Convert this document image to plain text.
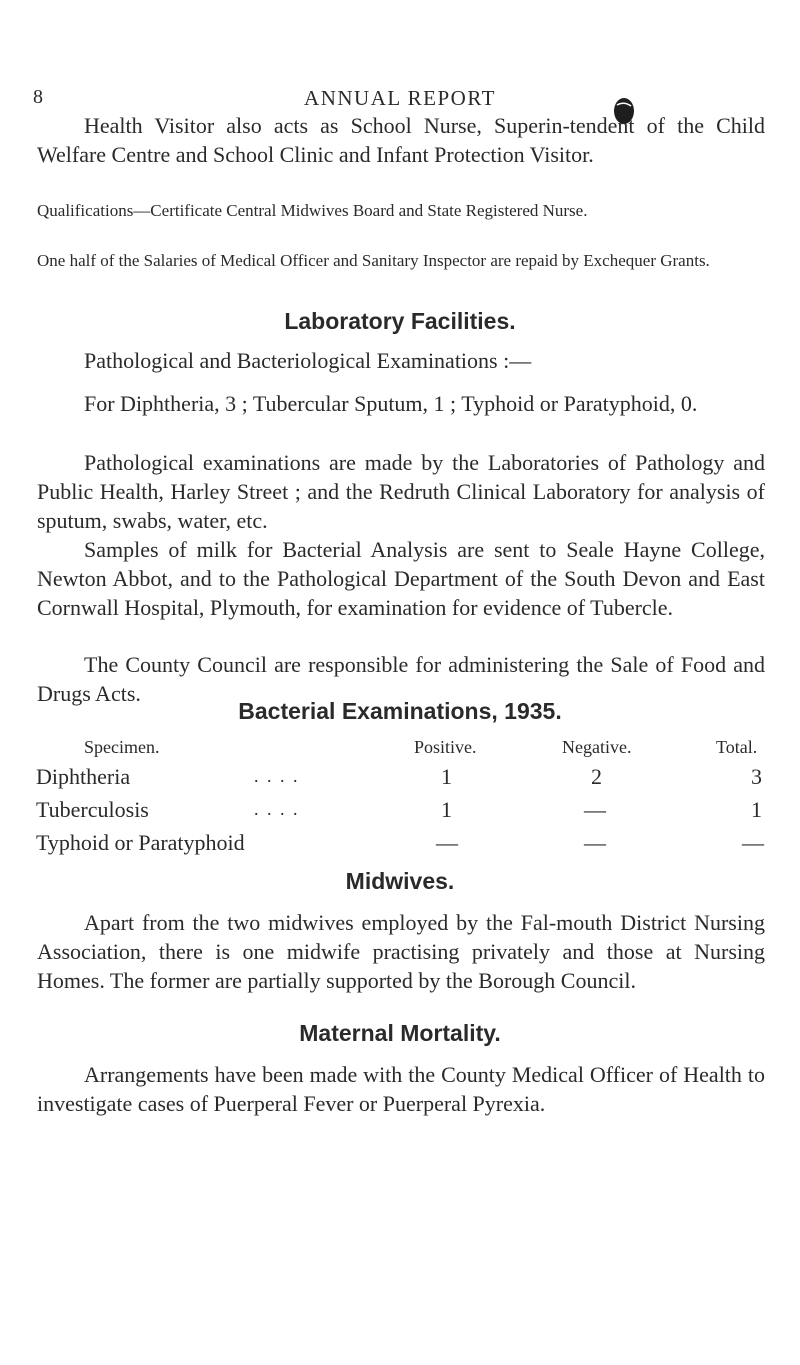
8	ANNUAL REPORT
Health Visitor also acts as School Nurse, Superin-tendent of the Child Welfare Centre and School Clinic and Infant Protection Visitor.
Qualifications—Certificate Central Midwives Board and State Registered Nurse.
One half of the Salaries of Medical Officer and Sanitary Inspector are repaid by Exchequer Grants.
Laboratory Facilities.
Pathological and Bacteriological Examinations :—
For Diphtheria, 3 ; Tubercular Sputum, 1 ; Typhoid or Paratyphoid, 0.
Pathological examinations are made by the Laboratories of Pathology and Public Health, Harley Street ; and the Redruth Clinical Laboratory for analysis of sputum, swabs, water, etc.
Samples of milk for Bacterial Analysis are sent to Seale Hayne College, Newton Abbot, and to the Pathological Department of the South Devon and East Cornwall Hospital, Plymouth, for examination for evidence of Tubercle.
The County Council are responsible for administering the Sale of Food and Drugs Acts.
Bacterial Examinations, 1935.
Specimen.	Positive.	Negative.	Total.
Diphtheria	. . . .	1	2	3
Tuberculosis	. . . .	1	—	1
Typhoid or Paratyphoid	—	—	—
Midwives.
Apart from the two midwives employed by the Fal-mouth District Nursing Association, there is one midwife practising privately and those at Nursing Homes. The former are partially supported by the Borough Council.
Maternal Mortality.
Arrangements have been made with the County Medical Officer of Health to investigate cases of Puerperal Fever or Puerperal Pyrexia.
